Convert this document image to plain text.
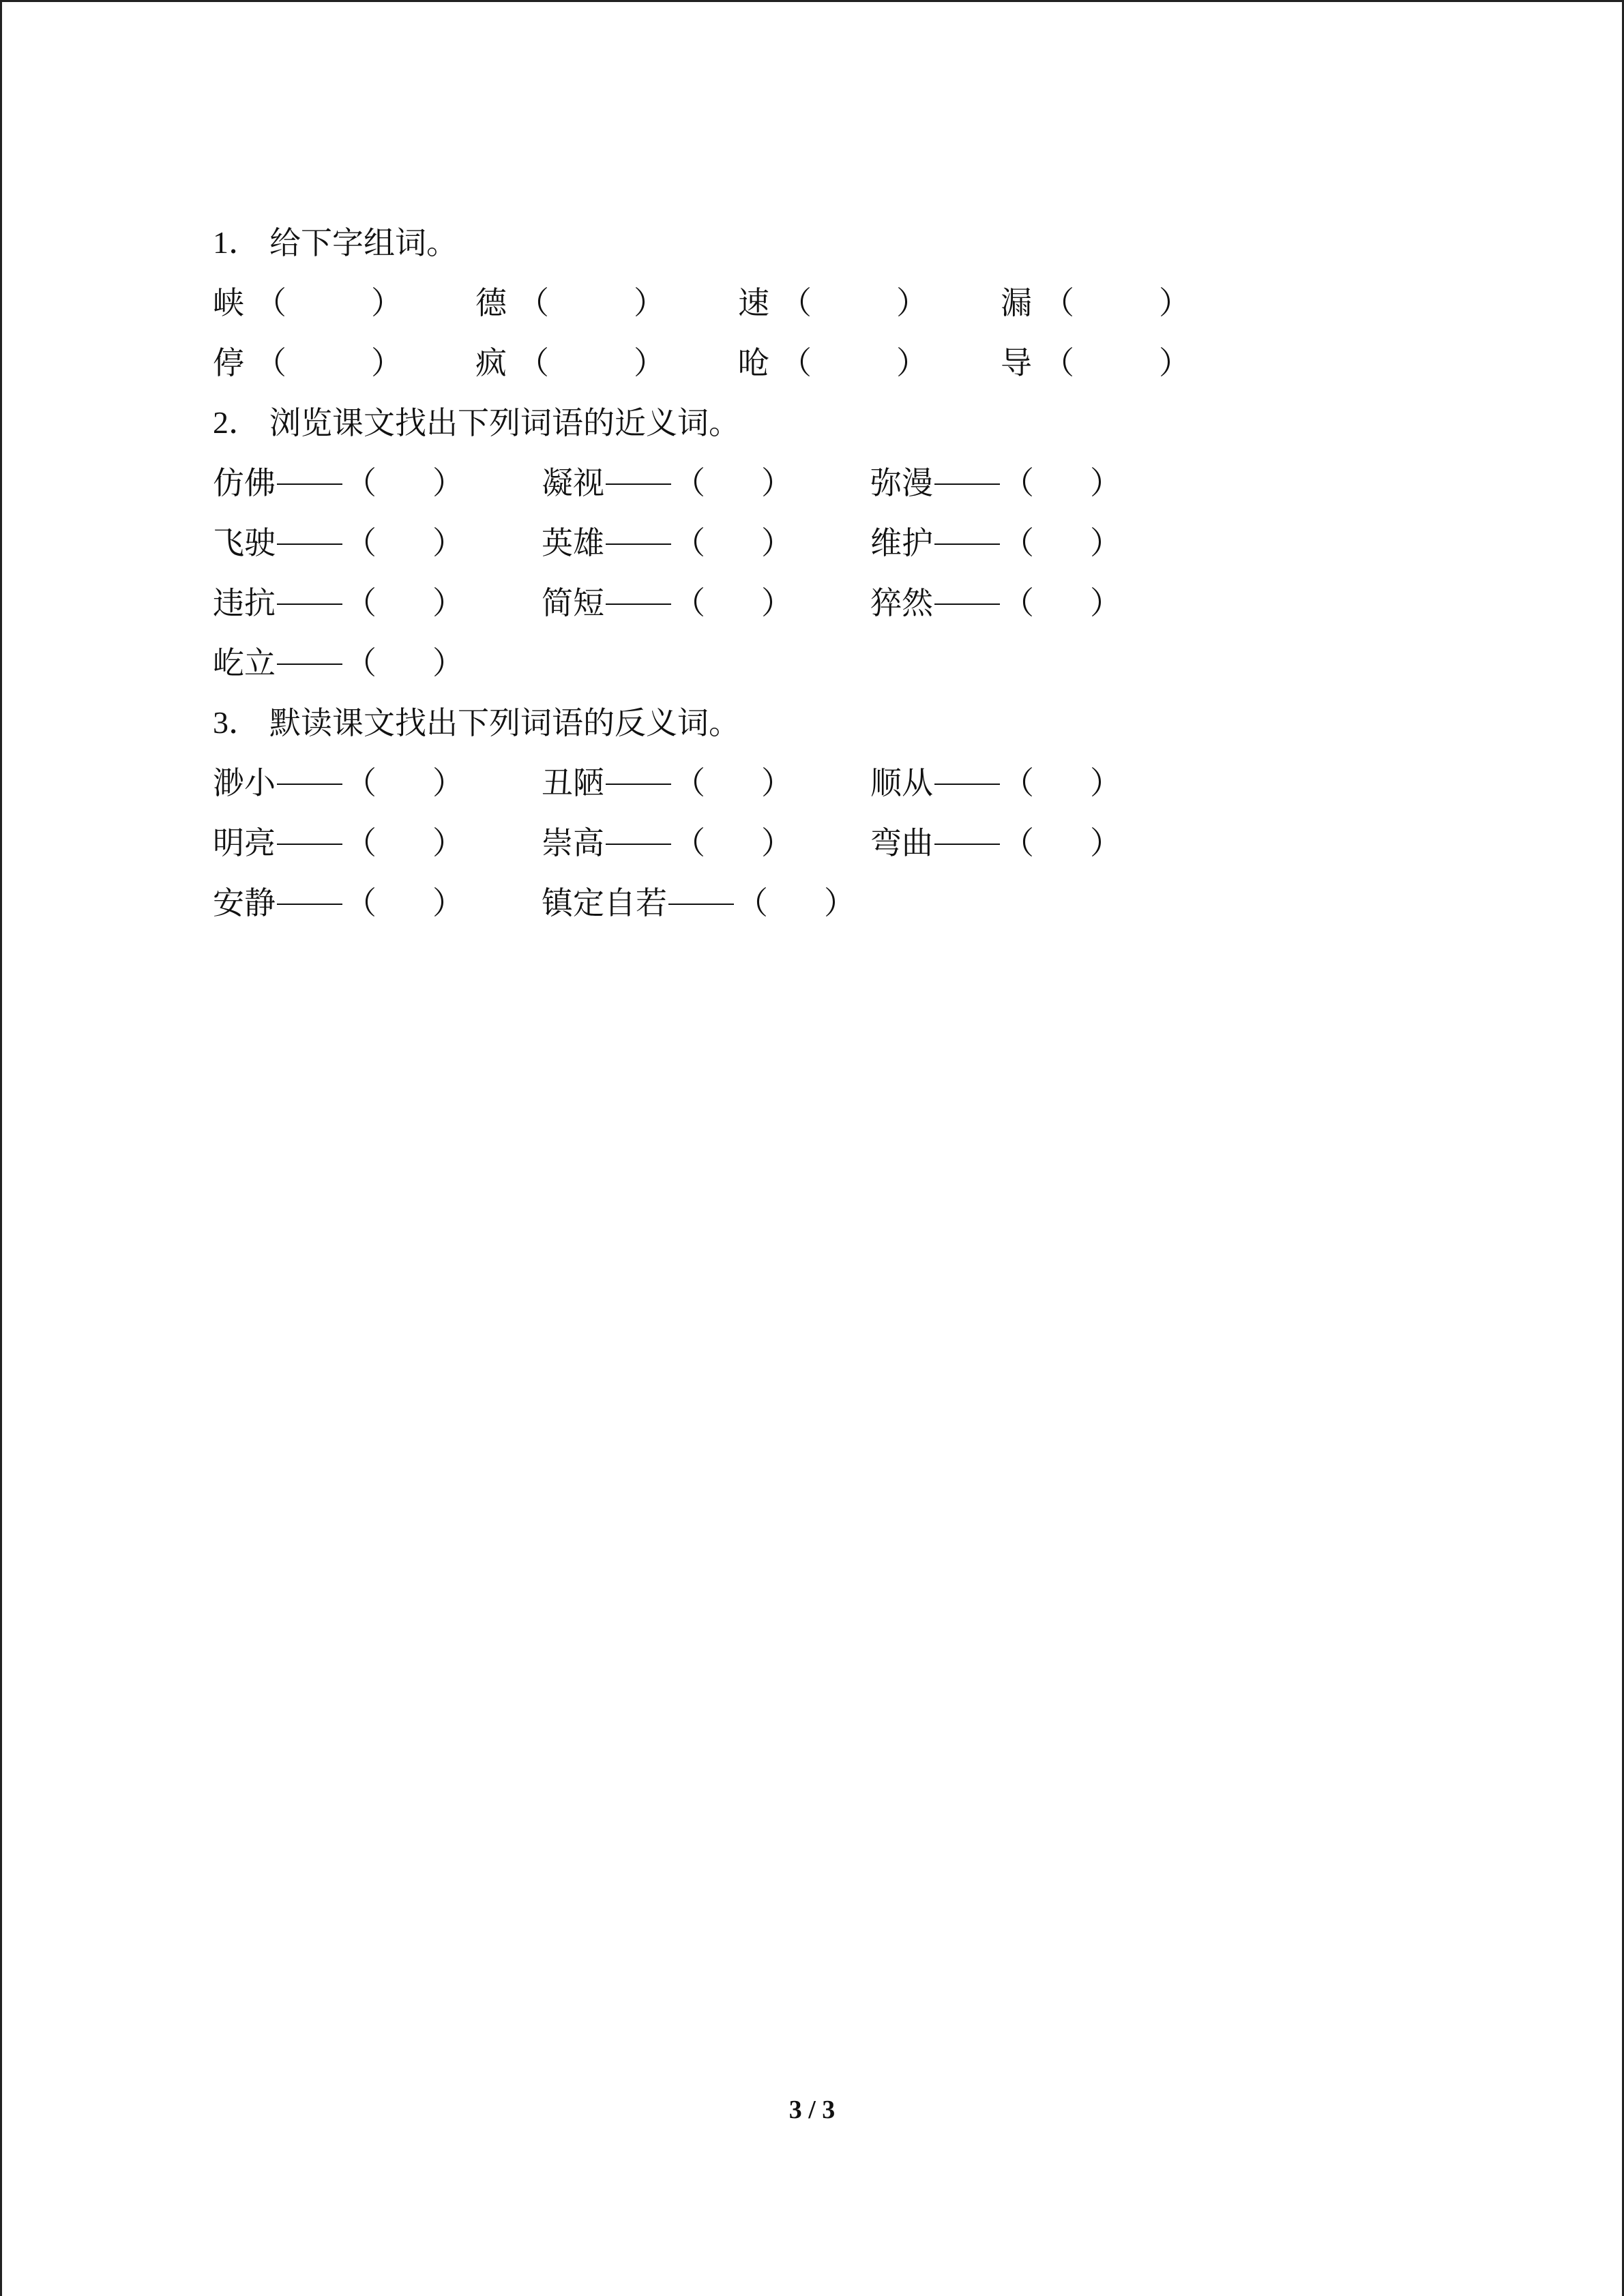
1． 给下字组词。
峡 （	）	德 （	）	速 （	）	漏 （	）
停 （	）	疯 （	）	呛 （	）	导 （	）
2． 浏览课文找出下列词语的近义词。
仿佛 （	） 凝视 （	） 弥漫 （	）
飞驶 （	） 英雄 （	） 维护 （	）
违抗 （	） 简短 （	） 猝然 （	）
屹立 （	）
3． 默读课文找出下列词语的反义词。
渺小 （	） 丑陋 （	） 顺从 （	）
明亮 （	） 崇高 （	） 弯曲 （	）
安静 （	） 镇定自若 （	）
3 / 3
